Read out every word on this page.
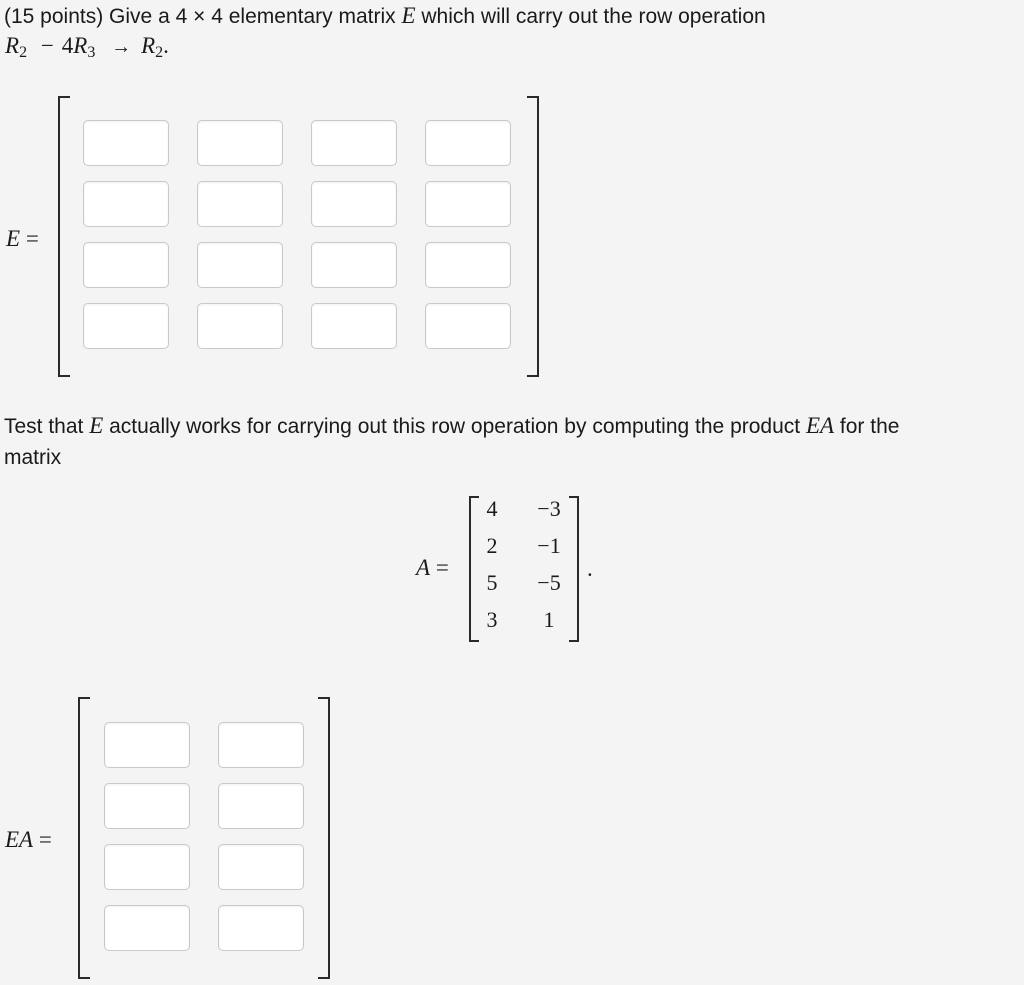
(15 points) Give a 4 × 4 elementary matrix E which will carry out the row operation
$R_2 - 4R_3 \to R_2$.
E =
Test that E actually works for carrying out this row operation by computing the product EA for the
matrix
A =
4	−3
2	−1
5	−5
3	1
.
EA =
